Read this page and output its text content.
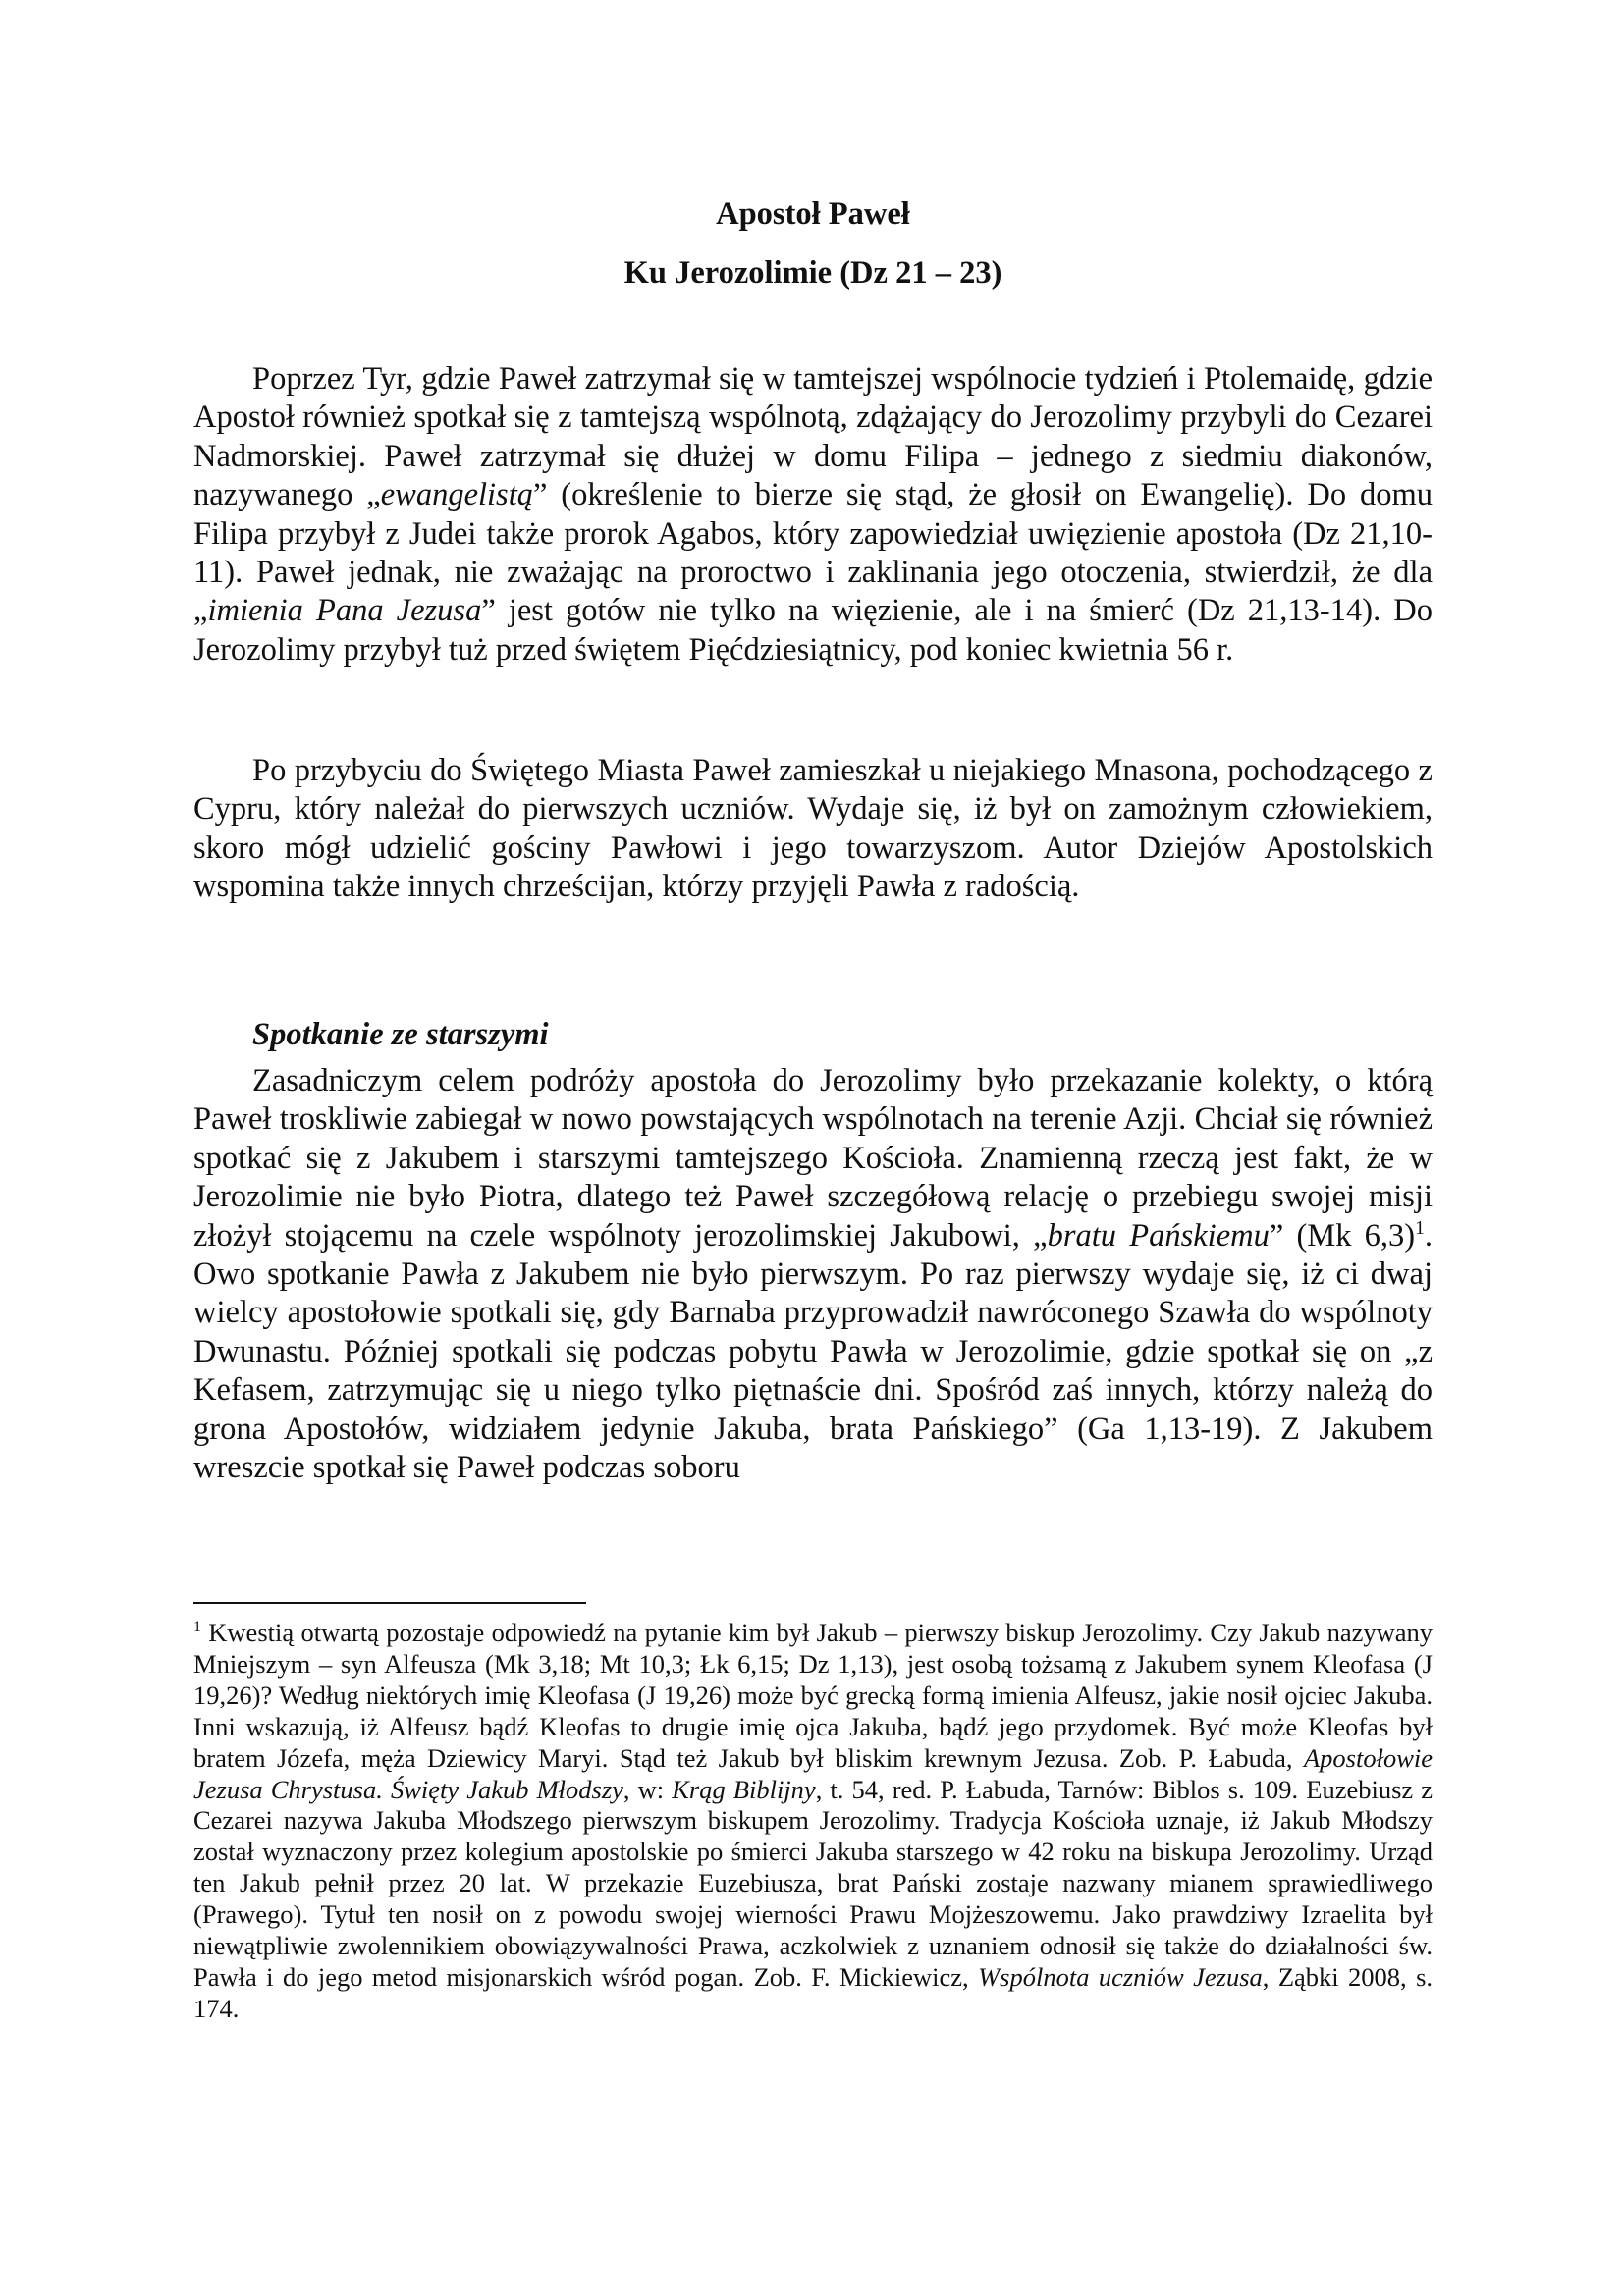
Apostoł Paweł
Ku Jerozolimie (Dz 21 – 23)

Poprzez Tyr, gdzie Paweł zatrzymał się w tamtejszej wspólnocie tydzień i Ptolemaidę, gdzie Apostoł również spotkał się z tamtejszą wspólnotą, zdążający do Jerozolimy przybyli do Cezarei Nadmorskiej. Paweł zatrzymał się dłużej w domu Filipa – jednego z siedmiu diakonów, nazywanego „ewangelistą” (określenie to bierze się stąd, że głosił on Ewangelię). Do domu Filipa przybył z Judei także prorok Agabos, który zapowiedział uwięzienie apostoła (Dz 21,10-11). Paweł jednak, nie zważając na proroctwo i zaklinania jego otoczenia, stwierdził, że dla „imienia Pana Jezusa” jest gotów nie tylko na więzienie, ale i na śmierć (Dz 21,13-14). Do Jerozolimy przybył tuż przed świętem Pięćdziesiątnicy, pod koniec kwietnia 56 r.

Po przybyciu do Świętego Miasta Paweł zamieszkał u niejakiego Mnasona, pochodzącego z Cypru, który należał do pierwszych uczniów. Wydaje się, iż był on zamożnym człowiekiem, skoro mógł udzielić gościny Pawłowi i jego towarzyszom. Autor Dziejów Apostolskich wspomina także innych chrześcijan, którzy przyjęli Pawła z radością.

Spotkanie ze starszymi

Zasadniczym celem podróży apostoła do Jerozolimy było przekazanie kolekty, o którą Paweł troskliwie zabiegał w nowo powstających wspólnotach na terenie Azji. Chciał się również spotkać się z Jakubem i starszymi tamtejszego Kościoła. Znamienną rzeczą jest fakt, że w Jerozolimie nie było Piotra, dlatego też Paweł szczegółową relację o przebiegu swojej misji złożył stojącemu na czele wspólnoty jerozolimskiej Jakubowi, „bratu Pańskiemu” (Mk 6,3)$^1$. Owo spotkanie Pawła z Jakubem nie było pierwszym. Po raz pierwszy wydaje się, iż ci dwaj wielcy apostołowie spotkali się, gdy Barnaba przyprowadził nawróconego Szawła do wspólnoty Dwunastu. Później spotkali się podczas pobytu Pawła w Jerozolimie, gdzie spotkał się on „z Kefasem, zatrzymując się u niego tylko piętnaście dni. Spośród zaś innych, którzy należą do grona Apostołów, widziałem jedynie Jakuba, brata Pańskiego” (Ga 1,13-19). Z Jakubem wreszcie spotkał się Paweł podczas soboru

$^1$ Kwestią otwartą pozostaje odpowiedź na pytanie kim był Jakub – pierwszy biskup Jerozolimy. Czy Jakub nazywany Mniejszym – syn Alfeusza (Mk 3,18; Mt 10,3; Łk 6,15; Dz 1,13), jest osobą tożsamą z Jakubem synem Kleofasa (J 19,26)? Według niektórych imię Kleofasa (J 19,26) może być grecką formą imienia Alfeusz, jakie nosił ojciec Jakuba. Inni wskazują, iż Alfeusz bądź Kleofas to drugie imię ojca Jakuba, bądź jego przydomek. Być może Kleofas był bratem Józefa, męża Dziewicy Maryi. Stąd też Jakub był bliskim krewnym Jezusa. Zob. P. Łabuda, Apostołowie Jezusa Chrystusa. Święty Jakub Młodszy, w: Krąg Biblijny, t. 54, red. P. Łabuda, Tarnów: Biblos s. 109. Euzebiusz z Cezarei nazywa Jakuba Młodszego pierwszym biskupem Jerozolimy. Tradycja Kościoła uznaje, iż Jakub Młodszy został wyznaczony przez kolegium apostolskie po śmierci Jakuba starszego w 42 roku na biskupa Jerozolimy. Urząd ten Jakub pełnił przez 20 lat. W przekazie Euzebiusza, brat Pański zostaje nazwany mianem sprawiedliwego (Prawego). Tytuł ten nosił on z powodu swojej wierności Prawu Mojżeszowemu. Jako prawdziwy Izraelita był niewątpliwie zwolennikiem obowiązywalności Prawa, aczkolwiek z uznaniem odnosił się także do działalności św. Pawła i do jego metod misjonarskich wśród pogan. Zob. F. Mickiewicz, Wspólnota uczniów Jezusa, Ząbki 2008, s. 174.
